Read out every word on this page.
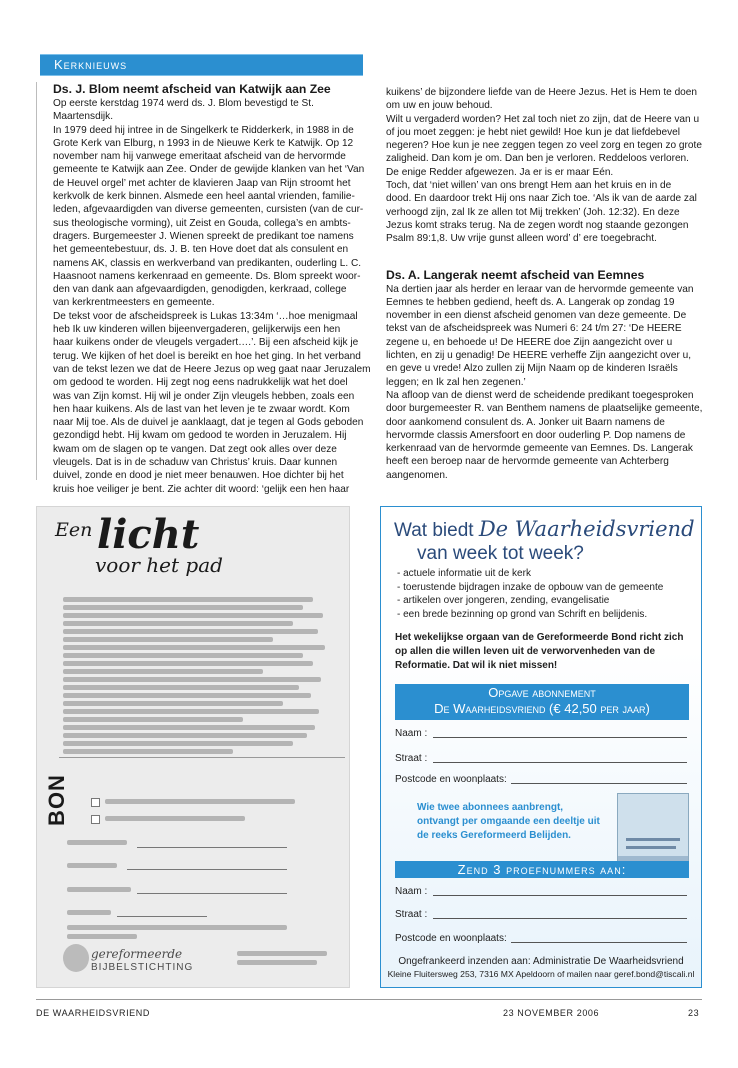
Kerknieuws
Ds. J. Blom neemt afscheid van Katwijk aan Zee

Op eerste kerstdag 1974 werd ds. J. Blom bevestigd te St. Maartensdijk.

In 1979 deed hij intree in de Singelkerk te Ridderkerk, in 1988 in de

Grote Kerk van Elburg, n 1993 in de Nieuwe Kerk te Katwijk. Op 12

november nam hij vanwege emeritaat afscheid van de hervormde

gemeente te Katwijk aan Zee. Onder de gewijde klanken van het ‘Van

de Heuvel orgel’ met achter de klavieren Jaap van Rijn stroomt het

kerkvolk de kerk binnen. Alsmede een heel aantal vrienden, familie-

leden, afgevaardigden van diverse gemeenten, cursisten (van de cur-

sus theologische vorming), uit Zeist en Gouda, collega’s en ambts-

dragers. Burgemeester J. Wienen spreekt de predikant toe namens

het gemeentebestuur, ds. J. B. ten Hove doet dat als consulent en

namens AK, classis en werkverband van predikanten, ouderling L. C.

Haasnoot namens kerkenraad en gemeente. Ds. Blom spreekt woor-

den van dank aan afgevaardigden, genodigden, kerkraad, college

van kerkrentmeesters en gemeente.

De tekst voor de afscheidspreek is Lukas 13:34m ‘…hoe menigmaal

heb Ik uw kinderen willen bijeenvergaderen, gelijkerwijs een hen

haar kuikens onder de vleugels vergadert….’. Bij een afscheid kijk je

terug. We kijken of het doel is bereikt en hoe het ging. In het verband

van de tekst lezen we dat de Heere Jezus op weg gaat naar Jeruzalem

om gedood te worden. Hij zegt nog eens nadrukkelijk wat het doel

was van Zijn komst. Hij wil je onder Zijn vleugels hebben, zoals een

hen haar kuikens. Als de last van het leven je te zwaar wordt. Kom

naar Mij toe. Als de duivel je aanklaagt, dat je tegen al Gods geboden

gezondigd hebt. Hij kwam om gedood te worden in Jeruzalem. Hij

kwam om de slagen op te vangen. Dat zegt ook alles over deze

vleugels. Dat is in de schaduw van Christus’ kruis. Daar kunnen

duivel, zonde en dood je niet meer benauwen. Hoe dichter bij het

kruis hoe veiliger je bent. Zie achter dit woord: ‘gelijk een hen haar

kuikens’ de bijzondere liefde van de Heere Jezus. Het is Hem te doen

om uw en jouw behoud.

Wilt u vergaderd worden? Het zal toch niet zo zijn, dat de Heere van u

of jou moet zeggen: je hebt niet gewild! Hoe kun je dat liefdebevel

negeren? Hoe kun je nee zeggen tegen zo veel zorg en tegen zo grote

zaligheid. Dan kom je om. Dan ben je verloren. Reddeloos verloren.

De enige Redder afgewezen. Ja er is er maar Eén.

Toch, dat ‘niet willen’ van ons brengt Hem aan het kruis en in de

dood. En daardoor trekt Hij ons naar Zich toe. ‘Als ik van de aarde zal

verhoogd zijn, zal Ik ze allen tot Mij trekken’ (Joh. 12:32). En deze

Jezus komt straks terug. Na de zegen wordt nog staande gezongen

Psalm 89:1,8. Uw vrije gunst alleen word’ d’ ere toegebracht.

Ds. A. Langerak neemt afscheid van Eemnes

Na dertien jaar als herder en leraar van de hervormde gemeente van

Eemnes te hebben gediend, heeft ds. A. Langerak op zondag 19

november in een dienst afscheid genomen van deze gemeente. De

tekst van de afscheidspreek was Numeri 6: 24 t/m 27: ‘De HEERE

zegene u, en behoede u! De HEERE doe Zijn aangezicht over u

lichten, en zij u genadig! De HEERE verheffe Zijn aangezicht over u,

en geve u vrede! Alzo zullen zij Mijn Naam op de kinderen Israëls

leggen; en Ik zal hen zegenen.’

Na afloop van de dienst werd de scheidende predikant toegesproken

door burgemeester R. van Benthem namens de plaatselijke gemeente,

door aankomend consulent ds. A. Jonker uit Baarn namens de

hervormde classis Amersfoort en door ouderling P. Dop namens de

kerkenraad van de hervormde gemeente van Eemnes. Ds. Langerak

heeft een beroep naar de hervormde gemeente van Achterberg

aangenomen.

Een licht
voor het pad
BON
gereformeerde
BIJBELSTICHTING
Wat biedt De Waarheidsvriend
van week tot week?
- actuele informatie uit de kerk
- toerustende bijdragen inzake de opbouw van de gemeente
- artikelen over jongeren, zending, evangelisatie
- een brede bezinning op grond van Schrift en belijdenis.
Het wekelijkse orgaan van de Gereformeerde Bond richt zich op allen die willen leven uit de verworvenheden van de Reformatie. Dat wil ik niet missen!
Opgave abonnement
De Waarheidsvriend (€ 42,50 per jaar)
Naam :
Straat :
Postcode en woonplaats:
Wie twee abonnees aanbrengt, ontvangt per omgaande een deeltje uit de reeks Gereformeerd Belijden.
Zend 3 proefnummers aan:
Naam :
Straat :
Postcode en woonplaats:
Ongefrankeerd inzenden aan: Administratie De Waarheidsvriend
Kleine Fluitersweg 253, 7316 MX Apeldoorn of mailen naar geref.bond@tiscali.nl
DE WAARHEIDSVRIEND	23 NOVEMBER 2006	23
